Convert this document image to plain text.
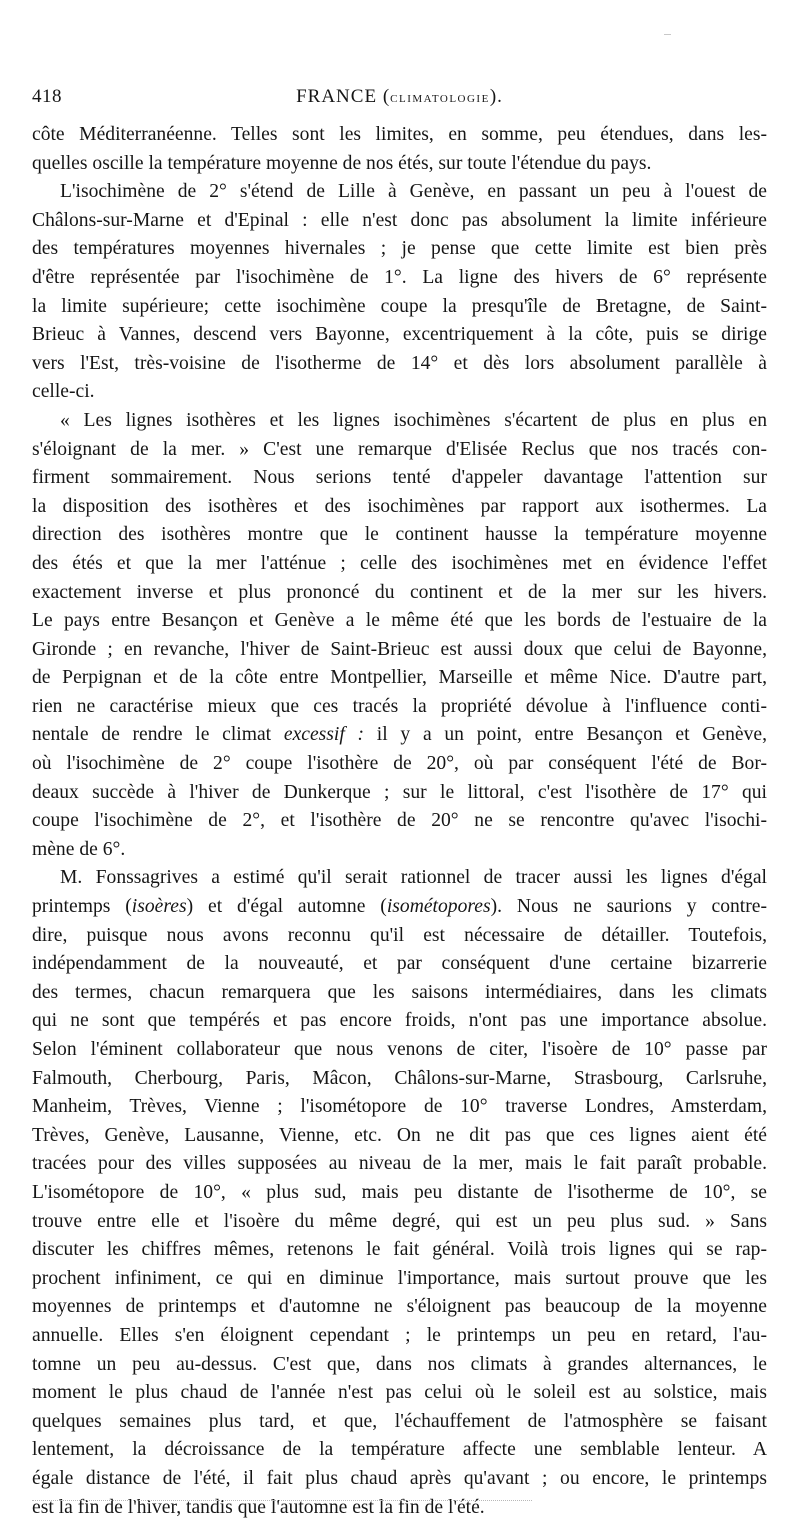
418	FRANCE (climatologie).
côte Méditerranéenne. Telles sont les limites, en somme, peu étendues, dans les-
quelles oscille la température moyenne de nos étés, sur toute l'étendue du pays.
L'isochimène de 2° s'étend de Lille à Genève, en passant un peu à l'ouest de
Châlons-sur-Marne et d'Epinal : elle n'est donc pas absolument la limite inférieure
des températures moyennes hivernales ; je pense que cette limite est bien près
d'être représentée par l'isochimène de 1°. La ligne des hivers de 6° représente
la limite supérieure; cette isochimène coupe la presqu'île de Bretagne, de Saint-
Brieuc à Vannes, descend vers Bayonne, excentriquement à la côte, puis se dirige
vers l'Est, très-voisine de l'isotherme de 14° et dès lors absolument parallèle à
celle-ci.
« Les lignes isothères et les lignes isochimènes s'écartent de plus en plus en
s'éloignant de la mer. » C'est une remarque d'Elisée Reclus que nos tracés con-
firment sommairement. Nous serions tenté d'appeler davantage l'attention sur
la disposition des isothères et des isochimènes par rapport aux isothermes. La
direction des isothères montre que le continent hausse la température moyenne
des étés et que la mer l'atténue ; celle des isochimènes met en évidence l'effet
exactement inverse et plus prononcé du continent et de la mer sur les hivers.
Le pays entre Besançon et Genève a le même été que les bords de l'estuaire de la
Gironde ; en revanche, l'hiver de Saint-Brieuc est aussi doux que celui de Bayonne,
de Perpignan et de la côte entre Montpellier, Marseille et même Nice. D'autre part,
rien ne caractérise mieux que ces tracés la propriété dévolue à l'influence conti-
nentale de rendre le climat excessif : il y a un point, entre Besançon et Genève,
où l'isochimène de 2° coupe l'isothère de 20°, où par conséquent l'été de Bor-
deaux succède à l'hiver de Dunkerque ; sur le littoral, c'est l'isothère de 17° qui
coupe l'isochimène de 2°, et l'isothère de 20° ne se rencontre qu'avec l'isochi-
mène de 6°.
M. Fonssagrives a estimé qu'il serait rationnel de tracer aussi les lignes d'égal
printemps (isoères) et d'égal automne (isométopores). Nous ne saurions y contre-
dire, puisque nous avons reconnu qu'il est nécessaire de détailler. Toutefois,
indépendamment de la nouveauté, et par conséquent d'une certaine bizarrerie
des termes, chacun remarquera que les saisons intermédiaires, dans les climats
qui ne sont que tempérés et pas encore froids, n'ont pas une importance absolue.
Selon l'éminent collaborateur que nous venons de citer, l'isoère de 10° passe par
Falmouth, Cherbourg, Paris, Mâcon, Châlons-sur-Marne, Strasbourg, Carlsruhe,
Manheim, Trèves, Vienne ; l'isométopore de 10° traverse Londres, Amsterdam,
Trèves, Genève, Lausanne, Vienne, etc. On ne dit pas que ces lignes aient été
tracées pour des villes supposées au niveau de la mer, mais le fait paraît probable.
L'isométopore de 10°, « plus sud, mais peu distante de l'isotherme de 10°, se
trouve entre elle et l'isoère du même degré, qui est un peu plus sud. » Sans
discuter les chiffres mêmes, retenons le fait général. Voilà trois lignes qui se rap-
prochent infiniment, ce qui en diminue l'importance, mais surtout prouve que les
moyennes de printemps et d'automne ne s'éloignent pas beaucoup de la moyenne
annuelle. Elles s'en éloignent cependant ; le printemps un peu en retard, l'au-
tomne un peu au-dessus. C'est que, dans nos climats à grandes alternances, le
moment le plus chaud de l'année n'est pas celui où le soleil est au solstice, mais
quelques semaines plus tard, et que, l'échauffement de l'atmosphère se faisant
lentement, la décroissance de la température affecte une semblable lenteur. A
égale distance de l'été, il fait plus chaud après qu'avant ; ou encore, le printemps
est la fin de l'hiver, tandis que l'automne est la fin de l'été.
